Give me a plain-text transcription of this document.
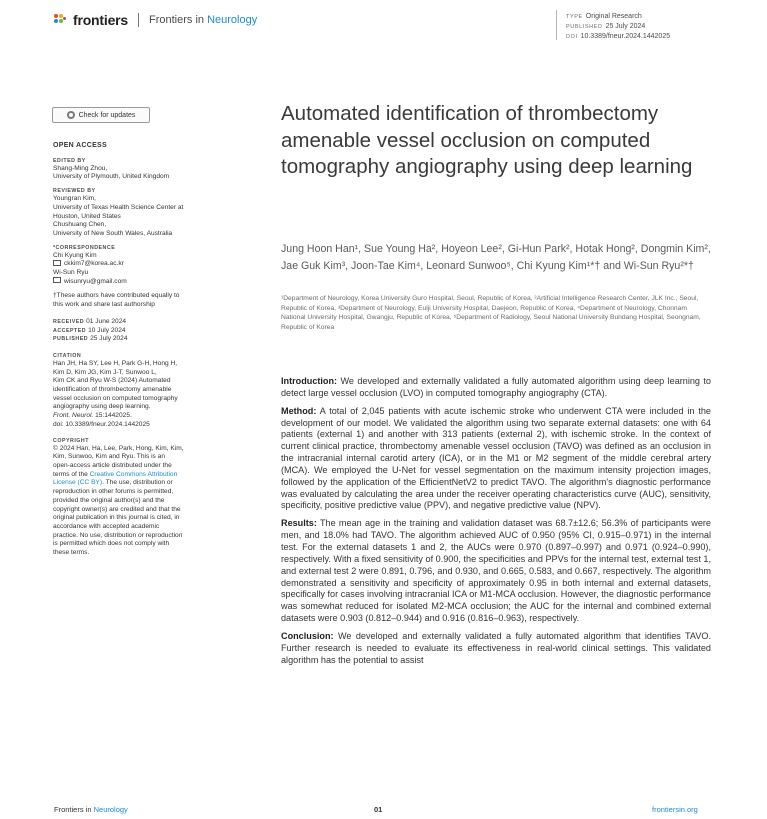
frontiers Frontiers in Neurology	TYPE Original Research
PUBLISHED 25 July 2024
DOI 10.3389/fneur.2024.1442025
Check for updates
OPEN ACCESS
EDITED BY
Shang-Ming Zhou,
University of Plymouth, United Kingdom
REVIEWED BY
Youngran Kim,
University of Texas Health Science Center at
Houston, United States
Chushuang Chen,
University of New South Wales, Australia
*CORRESPONDENCE
Chi Kyung Kim
ckkim7@korea.ac.kr
Wi-Sun Ryu
wisunryu@gmail.com
†These authors have contributed equally to
this work and share last authorship
RECEIVED 01 June 2024
ACCEPTED 10 July 2024
PUBLISHED 25 July 2024
CITATION
Han JH, Ha SY, Lee H, Park G-H, Hong H,
Kim D, Kim JG, Kim J-T, Sunwoo L,
Kim CK and Ryu W-S (2024) Automated
identification of thrombectomy amenable
vessel occlusion on computed tomography
angiography using deep learning.
Front. Neurol. 15:1442025.
doi: 10.3389/fneur.2024.1442025
COPYRIGHT
© 2024 Han, Ha, Lee, Park, Hong, Kim, Kim,
Kim, Sunwoo, Kim and Ryu. This is an
open-access article distributed under the
terms of the Creative Commons Attribution
License (CC BY). The use, distribution or
reproduction in other forums is permitted,
provided the original author(s) and the
copyright owner(s) are credited and that the
original publication in this journal is cited, in
accordance with accepted academic
practice. No use, distribution or reproduction
is permitted which does not comply with
these terms.
Automated identification of thrombectomy amenable vessel occlusion on computed tomography angiography using deep learning
Jung Hoon Han¹, Sue Young Ha², Hoyeon Lee², Gi-Hun Park², Hotak Hong², Dongmin Kim², Jae Guk Kim³, Joon-Tae Kim⁴, Leonard Sunwoo⁵, Chi Kyung Kim¹*† and Wi-Sun Ryu²*†
¹Department of Neurology, Korea University Guro Hospital, Seoul, Republic of Korea, ²Artificial Intelligence Research Center, JLK Inc., Seoul, Republic of Korea, ³Department of Neurology, Eulji University Hospital, Daejeon, Republic of Korea, ⁴Department of Neurology, Chonnam National University Hospital, Gwangju, Republic of Korea, ⁵Department of Radiology, Seoul National University Bundang Hospital, Seongnam, Republic of Korea

Introduction: We developed and externally validated a fully automated algorithm using deep learning to detect large vessel occlusion (LVO) in computed tomography angiography (CTA).

Method: A total of 2,045 patients with acute ischemic stroke who underwent CTA were included in the development of our model. We validated the algorithm using two separate external datasets: one with 64 patients (external 1) and another with 313 patients (external 2), with ischemic stroke. In the context of current clinical practice, thrombectomy amenable vessel occlusion (TAVO) was defined as an occlusion in the intracranial internal carotid artery (ICA), or in the M1 or M2 segment of the middle cerebral artery (MCA). We employed the U-Net for vessel segmentation on the maximum intensity projection images, followed by the application of the EfficientNetV2 to predict TAVO. The algorithm's diagnostic performance was evaluated by calculating the area under the receiver operating characteristics curve (AUC), sensitivity, specificity, positive predictive value (PPV), and negative predictive value (NPV).

Results: The mean age in the training and validation dataset was 68.7±12.6; 56.3% of participants were men, and 18.0% had TAVO. The algorithm achieved AUC of 0.950 (95% CI, 0.915–0.971) in the internal test. For the external datasets 1 and 2, the AUCs were 0.970 (0.897–0.997) and 0.971 (0.924–0.990), respectively. With a fixed sensitivity of 0.900, the specificities and PPVs for the internal test, external test 1, and external test 2 were 0.891, 0.796, and 0.930, and 0.665, 0.583, and 0.667, respectively. The algorithm demonstrated a sensitivity and specificity of approximately 0.95 in both internal and external datasets, specifically for cases involving intracranial ICA or M1-MCA occlusion. However, the diagnostic performance was somewhat reduced for isolated M2-MCA occlusion; the AUC for the internal and combined external datasets were 0.903 (0.812–0.944) and 0.916 (0.816–0.963), respectively.

Conclusion: We developed and externally validated a fully automated algorithm that identifies TAVO. Further research is needed to evaluate its effectiveness in real-world clinical settings. This validated algorithm has the potential to assist

Frontiers in Neurology	01	frontiersin.org
